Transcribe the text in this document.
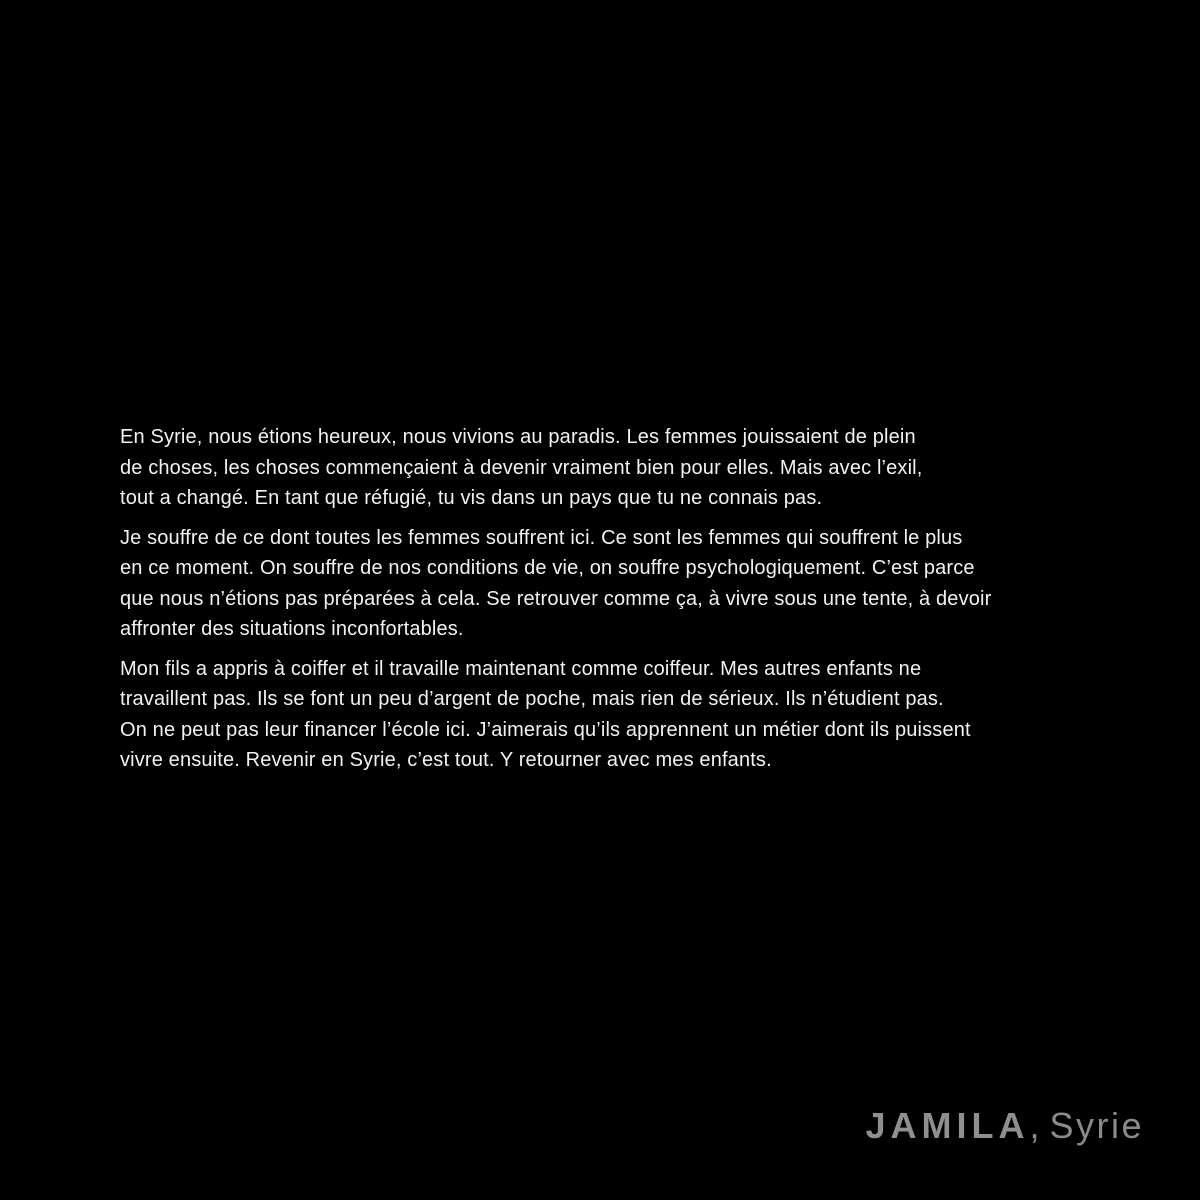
En Syrie, nous étions heureux, nous vivions au paradis. Les femmes jouissaient de plein
de choses, les choses commençaient à devenir vraiment bien pour elles. Mais avec l’exil,
tout a changé. En tant que réfugié, tu vis dans un pays que tu ne connais pas.

Je souffre de ce dont toutes les femmes souffrent ici. Ce sont les femmes qui souffrent le plus
en ce moment. On souffre de nos conditions de vie, on souffre psychologiquement. C’est parce
que nous n’étions pas préparées à cela. Se retrouver comme ça, à vivre sous une tente, à devoir
affronter des situations inconfortables.

Mon fils a appris à coiffer et il travaille maintenant comme coiffeur. Mes autres enfants ne
travaillent pas. Ils se font un peu d’argent de poche, mais rien de sérieux. Ils n’étudient pas.
On ne peut pas leur financer l’école ici. J’aimerais qu’ils apprennent un métier dont ils puissent
vivre ensuite. Revenir en Syrie, c’est tout. Y retourner avec mes enfants.

JAMILA, Syrie
